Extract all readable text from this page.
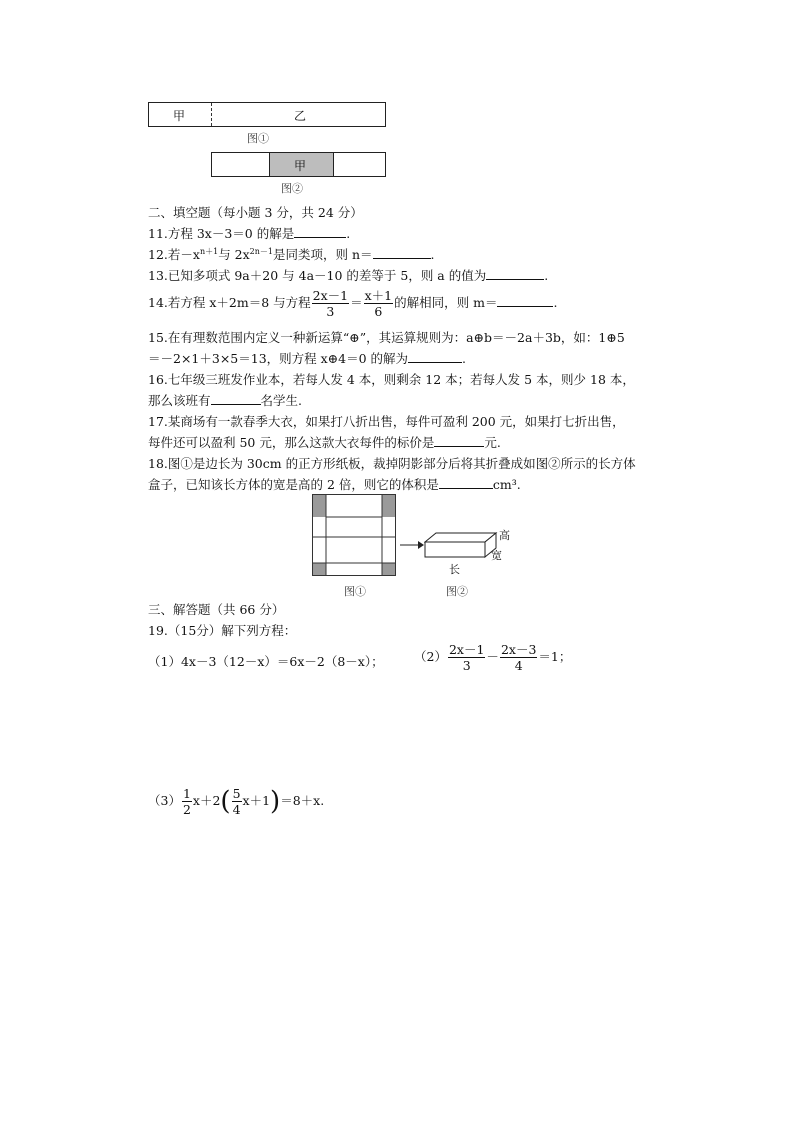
甲	乙
图①
甲
图②
二、填空题（每小题 3 分，共 24 分）
11.方程 3x－3＝0 的解是	.
12.若$-x^{n+1}$与 $2x^{2n-1}$是同类项，则 n＝	.
13.已知多项式 9a＋20 与 4a－10 的差等于 5，则 a 的值为	.
14.若方程 x＋2m＝8 与方程 $\frac{2x-1}{3} = \frac{x+1}{6}$ 的解相同，则 m＝	.
15.在有理数范围内定义一种新运算“⊕”，其运算规则为：a⊕b＝－2a＋3b，如：1⊕5
＝－2×1＋3×5＝13，则方程 x⊕4＝0 的解为	.
16.七年级三班发作业本，若每人发 4 本，则剩余 12 本；若每人发 5 本，则少 18 本，
那么该班有	名学生.
17.某商场有一款春季大衣，如果打八折出售，每件可盈利 200 元，如果打七折出售，
每件还可以盈利 50 元，那么这款大衣每件的标价是	元.
18.图①是边长为 30cm 的正方形纸板，裁掉阴影部分后将其折叠成如图②所示的长方体
盒子，已知该长方体的宽是高的 2 倍，则它的体积是	cm³.
高
宽
长
图①	图②
三、解答题（共 66 分）
19.（15分）解下列方程：
（1）4x－3（12－x）＝6x－2（8－x）； $(2) \frac{2x-1}{3} - \frac{2x-3}{4} =1$；
$(3) \frac{1}{2} x+2( \frac{5}{4} x+1)=8+x$.
